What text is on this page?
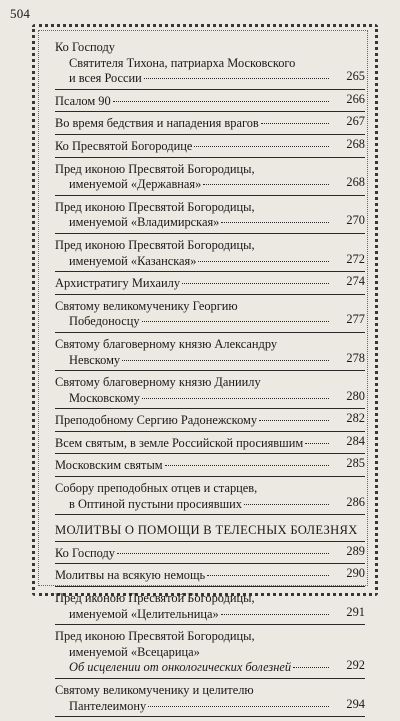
504
Ко Господу
Святителя Тихона, патриарха Московского
и всея России	265
Псалом 90	266
Во время бедствия и нападения врагов	267
Ко Пресвятой Богородице	268
Пред иконою Пресвятой Богородицы,
именуемой «Державная»	268
Пред иконою Пресвятой Богородицы,
именуемой «Владимирская»	270
Пред иконою Пресвятой Богородицы,
именуемой «Казанская»	272
Архистратигу Михаилу	274
Святому великомученику Георгию
Победоносцу	277
Святому благоверному князю Александру
Невскому	278
Святому благоверному князю Даниилу
Московскому	280
Преподобному Сергию Радонежскому	282
Всем святым, в земле Российской просиявшим	284
Московским святым	285
Собору преподобных отцев и старцев,
в Оптиной пустыни просиявших	286
МОЛИТВЫ О ПОМОЩИ В ТЕЛЕСНЫХ БОЛЕЗНЯХ
Ко Господу	289
Молитвы на всякую немощь	290
Пред иконою Пресвятой Богородицы,
именуемой «Целительница»	291
Пред иконою Пресвятой Богородицы,
именуемой «Всецарица»
Об исцелении от онкологических болезней	292
Святому великомученику и целителю
Пантелеимону	294
